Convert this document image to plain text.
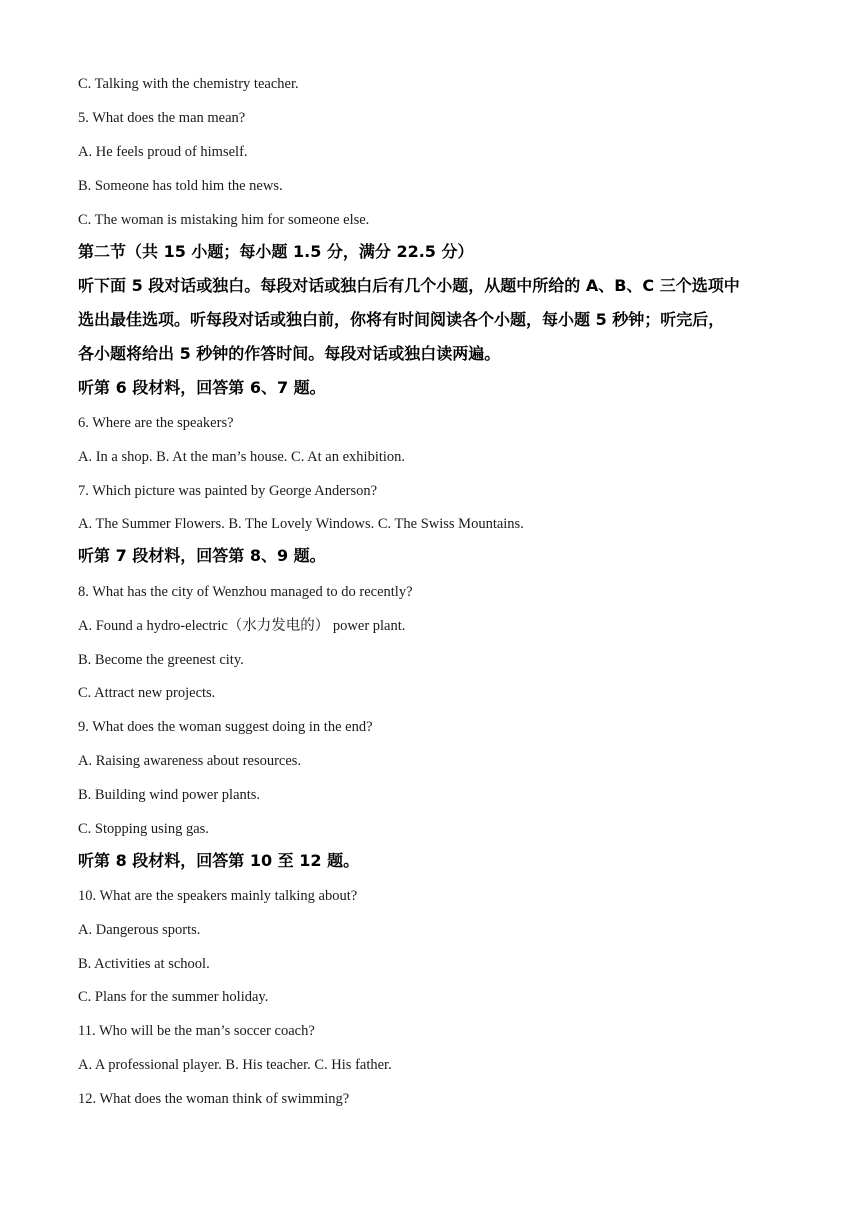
C. Talking with the chemistry teacher.
5. What does the man mean?
A. He feels proud of himself.
B. Someone has told him the news.
C. The woman is mistaking him for someone else.
第二节（共 15 小题；每小题 1.5 分，满分 22.5 分）
听下面 5 段对话或独白。每段对话或独白后有几个小题，从题中所给的 A、B、C 三个选项中
选出最佳选项。听每段对话或独白前，你将有时间阅读各个小题，每小题 5 秒钟；听完后，
各小题将给出 5 秒钟的作答时间。每段对话或独白读两遍。
听第 6 段材料，回答第 6、7 题。
6. Where are the speakers?
A. In a shop. B. At the man’s house. C. At an exhibition.
7. Which picture was painted by George Anderson?
A. The Summer Flowers. B. The Lovely Windows. C. The Swiss Mountains.
听第 7 段材料，回答第 8、9 题。
8. What has the city of Wenzhou managed to do recently?
A. Found a hydro-electric（水力发电的） power plant.
B. Become the greenest city.
C. Attract new projects.
9. What does the woman suggest doing in the end?
A. Raising awareness about resources.
B. Building wind power plants.
C. Stopping using gas.
听第 8 段材料，回答第 10 至 12 题。
10. What are the speakers mainly talking about?
A. Dangerous sports.
B. Activities at school.
C. Plans for the summer holiday.
11. Who will be the man’s soccer coach?
A. A professional player. B. His teacher. C. His father.
12. What does the woman think of swimming?
